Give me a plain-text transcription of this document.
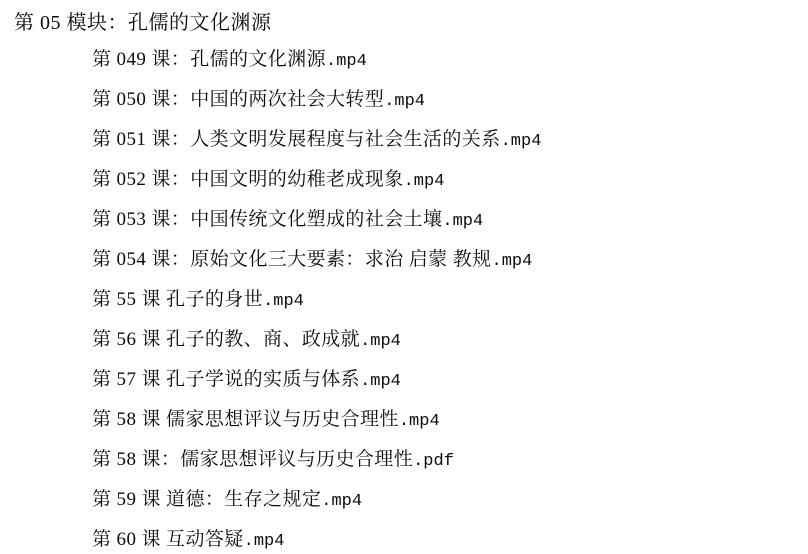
第 05 模块：孔儒的文化渊源
第 049 课：孔儒的文化渊源.mp4
第 050 课：中国的两次社会大转型.mp4
第 051 课：人类文明发展程度与社会生活的关系.mp4
第 052 课：中国文明的幼稚老成现象.mp4
第 053 课：中国传统文化塑成的社会土壤.mp4
第 054 课：原始文化三大要素：求治 启蒙 教规.mp4
第 55 课 孔子的身世.mp4
第 56 课 孔子的教、商、政成就.mp4
第 57 课 孔子学说的实质与体系.mp4
第 58 课 儒家思想评议与历史合理性.mp4
第 58 课：儒家思想评议与历史合理性.pdf
第 59 课 道德：生存之规定.mp4
第 60 课 互动答疑.mp4
